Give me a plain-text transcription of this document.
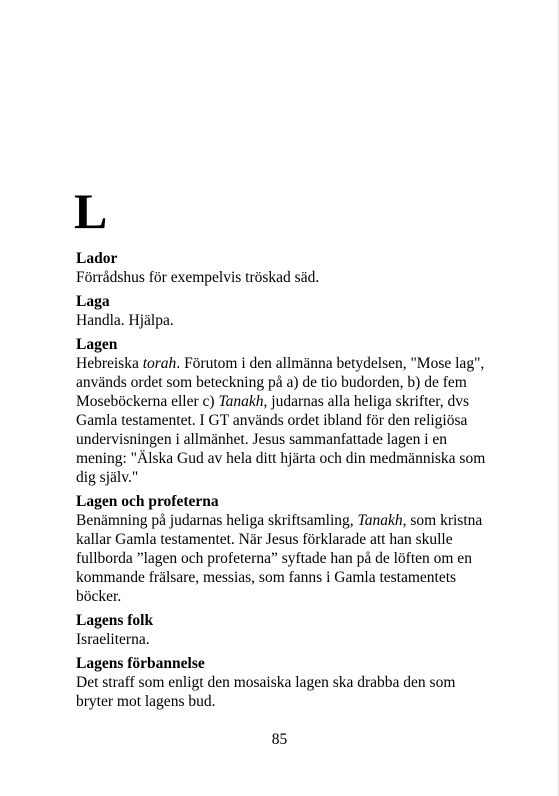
L
Lador
Förrådshus för exempelvis tröskad säd.
Laga
Handla. Hjälpa.
Lagen
Hebreiska torah. Förutom i den allmänna betydelsen, "Mose lag", används ordet som beteckning på a) de tio budorden, b) de fem Moseböckerna eller c) Tanakh, judarnas alla heliga skrifter, dvs Gamla testamentet. I GT används ordet ibland för den religiösa undervisningen i allmänhet. Jesus sammanfattade lagen i en mening: "Älska Gud av hela ditt hjärta och din medmänniska som dig själv."
Lagen och profeterna
Benämning på judarnas heliga skriftsamling, Tanakh, som kristna kallar Gamla testamentet. När Jesus förklarade att han skulle fullborda ”lagen och profeterna” syftade han på de löften om en kommande frälsare, messias, som fanns i Gamla testamentets böcker.
Lagens folk
Israeliterna.
Lagens förbannelse
Det straff som enligt den mosaiska lagen ska drabba den som bryter mot lagens bud.
85
